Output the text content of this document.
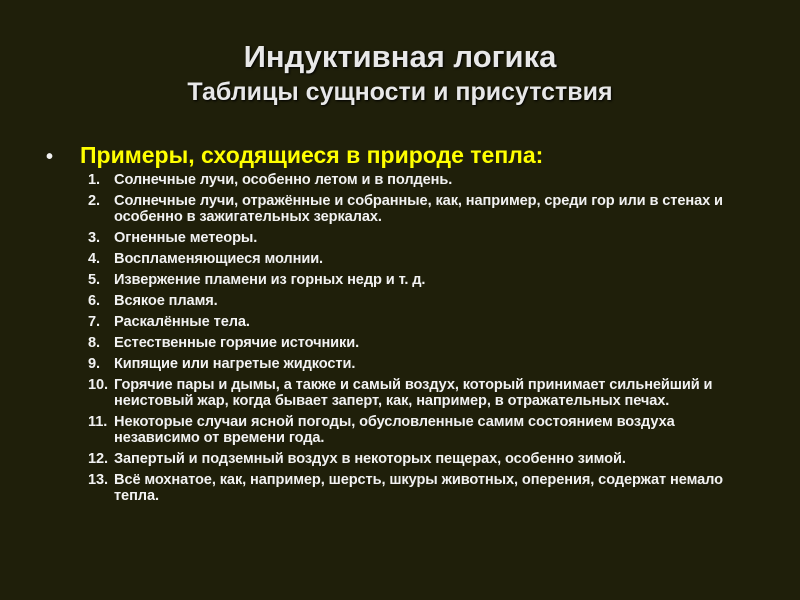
Индуктивная логика
Таблицы сущности и присутствия
•	Примеры, сходящиеся в природе тепла:
1. Солнечные лучи, особенно летом и в полдень.
2. Солнечные лучи, отражённые и собранные, как, например, среди гор или в стенах и особенно в зажигательных зеркалах.
3. Огненные метеоры.
4. Воспламеняющиеся молнии.
5. Извержение пламени из горных недр и т. д.
6. Всякое пламя.
7. Раскалённые тела.
8. Естественные горячие источники.
9. Кипящие или нагретые жидкости.
10. Горячие пары и дымы, а также и самый воздух, который принимает сильнейший и неистовый жар, когда бывает заперт, как, например, в отражательных печах.
11. Некоторые случаи ясной погоды, обусловленные самим состоянием воздуха независимо от времени года.
12. Запертый и подземный воздух в некоторых пещерах, особенно зимой.
13. Всё мохнатое, как, например, шерсть, шкуры животных, оперения, содержат немало тепла.
